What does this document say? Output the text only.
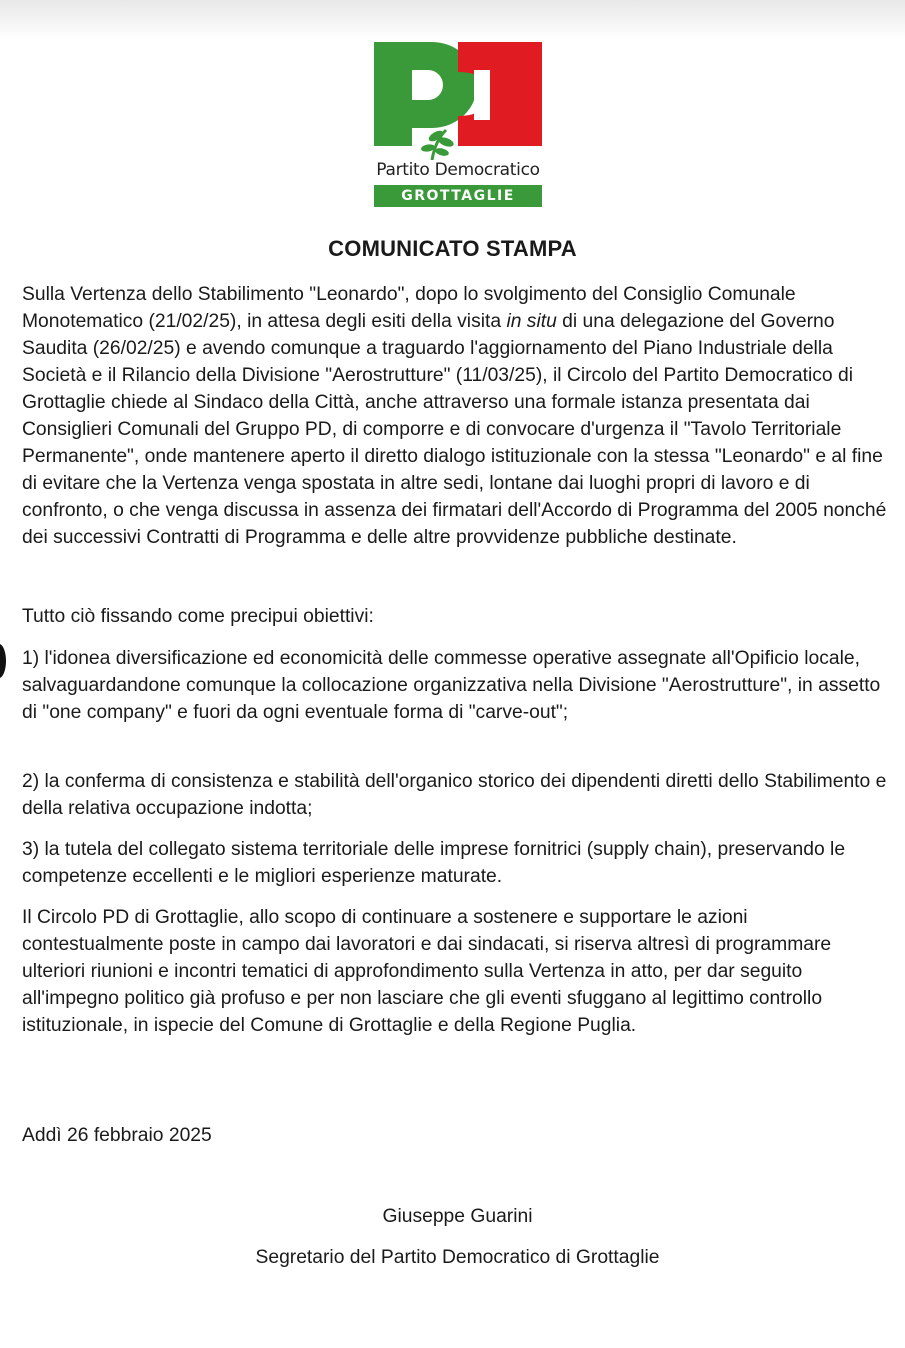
Partito Democratico
GROTTAGLIE
COMUNICATO STAMPA

Sulla Vertenza dello Stabilimento "Leonardo", dopo lo svolgimento del Consiglio Comunale Monotematico (21/02/25), in attesa degli esiti della visita in situ di una delegazione del Governo Saudita (26/02/25) e avendo comunque a traguardo l'aggiornamento del Piano Industriale della Società e il Rilancio della Divisione "Aerostrutture" (11/03/25), il Circolo del Partito Democratico di Grottaglie chiede al Sindaco della Città, anche attraverso una formale istanza presentata dai Consiglieri Comunali del Gruppo PD, di comporre e di convocare d'urgenza il "Tavolo Territoriale Permanente", onde mantenere aperto il diretto dialogo istituzionale con la stessa "Leonardo" e al fine di evitare che la Vertenza venga spostata in altre sedi, lontane dai luoghi propri di lavoro e di confronto, o che venga discussa in assenza dei firmatari dell'Accordo di Programma del 2005 nonché dei successivi Contratti di Programma e delle altre provvidenze pubbliche destinate.

Tutto ciò fissando come precipui obiettivi:

1) l'idonea diversificazione ed economicità delle commesse operative assegnate all'Opificio locale, salvaguardandone comunque la collocazione organizzativa nella Divisione "Aerostrutture", in assetto di "one company" e fuori da ogni eventuale forma di "carve-out";

2) la conferma di consistenza e stabilità dell'organico storico dei dipendenti diretti dello Stabilimento e della relativa occupazione indotta;

3) la tutela del collegato sistema territoriale delle imprese fornitrici (supply chain), preservando le competenze eccellenti e le migliori esperienze maturate.

Il Circolo PD di Grottaglie, allo scopo di continuare a sostenere e supportare le azioni contestualmente poste in campo dai lavoratori e dai sindacati, si riserva altresì di programmare ulteriori riunioni e incontri tematici di approfondimento sulla Vertenza in atto, per dar seguito all'impegno politico già profuso e per non lasciare che gli eventi sfuggano al legittimo controllo istituzionale, in ispecie del Comune di Grottaglie e della Regione Puglia.

Addì 26 febbraio 2025

Giuseppe Guarini

Segretario del Partito Democratico di Grottaglie
